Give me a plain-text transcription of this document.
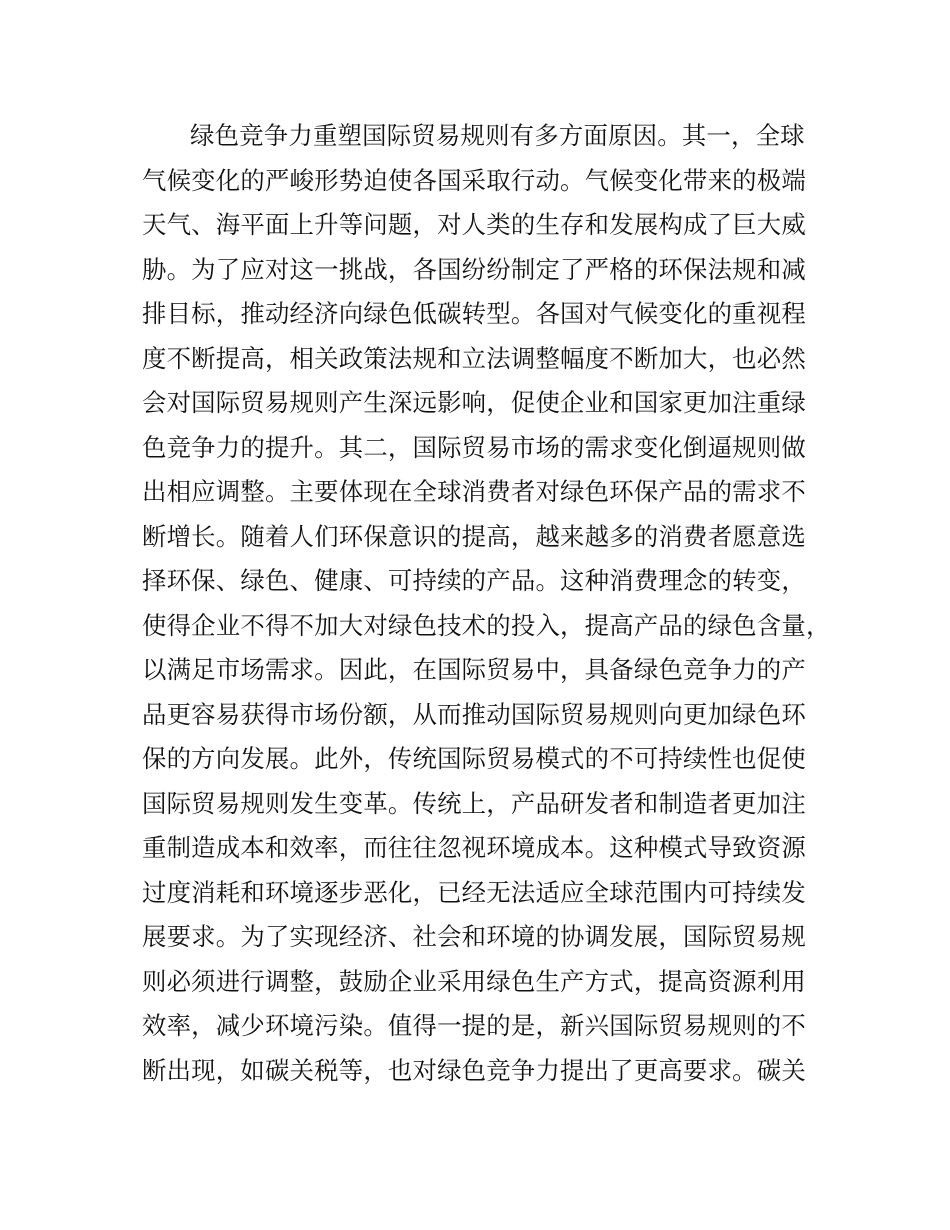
绿色竞争力重塑国际贸易规则有多方面原因。其一，全球
气候变化的严峻形势迫使各国采取行动。气候变化带来的极端
天气、海平面上升等问题，对人类的生存和发展构成了巨大威
胁。为了应对这一挑战，各国纷纷制定了严格的环保法规和减
排目标，推动经济向绿色低碳转型。各国对气候变化的重视程
度不断提高，相关政策法规和立法调整幅度不断加大，也必然
会对国际贸易规则产生深远影响，促使企业和国家更加注重绿
色竞争力的提升。其二，国际贸易市场的需求变化倒逼规则做
出相应调整。主要体现在全球消费者对绿色环保产品的需求不
断增长。随着人们环保意识的提高，越来越多的消费者愿意选
择环保、绿色、健康、可持续的产品。这种消费理念的转变，
使得企业不得不加大对绿色技术的投入，提高产品的绿色含量，
以满足市场需求。因此，在国际贸易中，具备绿色竞争力的产
品更容易获得市场份额，从而推动国际贸易规则向更加绿色环
保的方向发展。此外，传统国际贸易模式的不可持续性也促使
国际贸易规则发生变革。传统上，产品研发者和制造者更加注
重制造成本和效率，而往往忽视环境成本。这种模式导致资源
过度消耗和环境逐步恶化，已经无法适应全球范围内可持续发
展要求。为了实现经济、社会和环境的协调发展，国际贸易规
则必须进行调整，鼓励企业采用绿色生产方式，提高资源利用
效率，减少环境污染。值得一提的是，新兴国际贸易规则的不
断出现，如碳关税等，也对绿色竞争力提出了更高要求。碳关
